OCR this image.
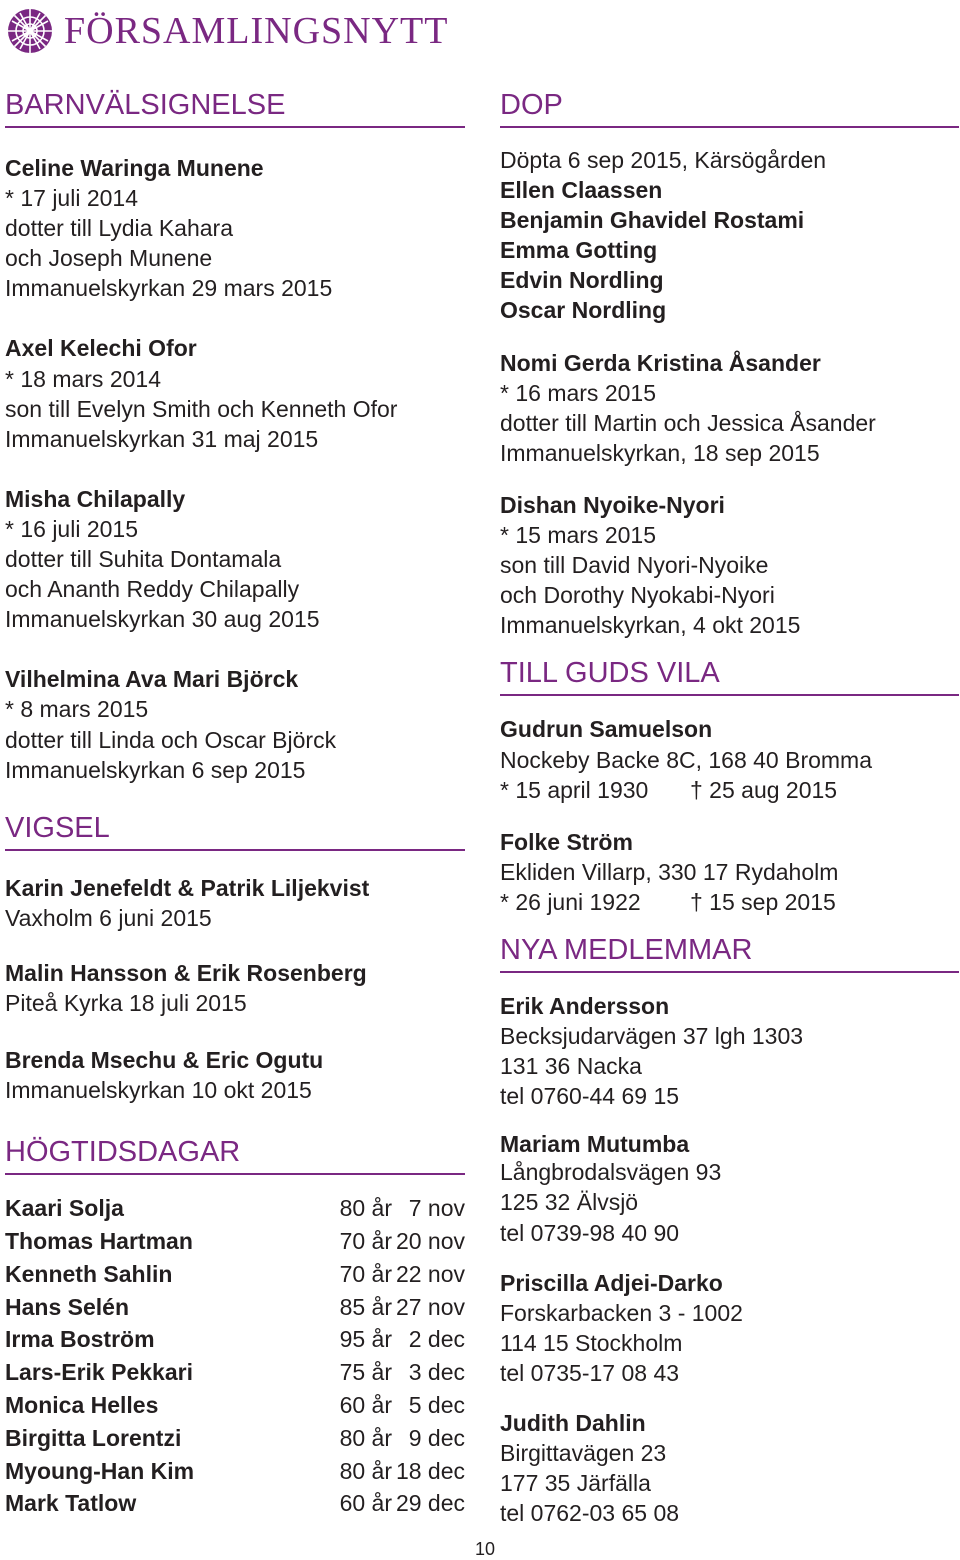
FÖRSAMLINGSNYTT
BARNVÄLSIGNELSE
Celine Waringa Munene
* 17 juli 2014
dotter till Lydia Kahara
och Joseph Munene
Immanuelskyrkan 29 mars 2015
Axel Kelechi Ofor
* 18 mars 2014
son till Evelyn Smith och Kenneth Ofor
Immanuelskyrkan 31 maj 2015
Misha Chilapally
* 16 juli 2015
dotter till Suhita Dontamala
och Ananth Reddy Chilapally
Immanuelskyrkan 30 aug 2015
Vilhelmina Ava Mari Björck
* 8 mars 2015
dotter till Linda och Oscar Björck
Immanuelskyrkan 6 sep 2015
VIGSEL
Karin Jenefeldt & Patrik Liljekvist
Vaxholm 6 juni 2015
Malin Hansson & Erik Rosenberg
Piteå Kyrka 18 juli 2015
Brenda Msechu & Eric Ogutu
Immanuelskyrkan 10 okt 2015
HÖGTIDSDAGAR
Kaari Solja	80 år 7 nov
Thomas Hartman	70 år 20 nov
Kenneth Sahlin	70 år 22 nov
Hans Selén	85 år 27 nov
Irma Boström	95 år 2 dec
Lars-Erik Pekkari	75 år 3 dec
Monica Helles	60 år 5 dec
Birgitta Lorentzi	80 år 9 dec
Myoung-Han Kim	80 år 18 dec
Mark Tatlow	60 år 29 dec
DOP
Döpta 6 sep 2015, Kärsögården
Ellen Claassen
Benjamin Ghavidel Rostami
Emma Gotting
Edvin Nordling
Oscar Nordling
Nomi Gerda Kristina Åsander
* 16 mars 2015
dotter till Martin och Jessica Åsander
Immanuelskyrkan, 18 sep 2015
Dishan Nyoike-Nyori
* 15 mars 2015
son till David Nyori-Nyoike
och Dorothy Nyokabi-Nyori
Immanuelskyrkan, 4 okt 2015
TILL GUDS VILA
Gudrun Samuelson
Nockeby Backe 8C, 168 40 Bromma
* 15 april 1930	† 25 aug 2015
Folke Ström
Ekliden Villarp, 330 17 Rydaholm
* 26 juni 1922	† 15 sep 2015
NYA MEDLEMMAR
Erik Andersson
Becksjudarvägen 37 lgh 1303
131 36 Nacka
tel 0760-44 69 15
Mariam Mutumba
Långbrodalsvägen 93
125 32 Älvsjö
tel 0739-98 40 90
Priscilla Adjei-Darko
Forskarbacken 3 - 1002
114 15 Stockholm
tel 0735-17 08 43
Judith Dahlin
Birgittavägen 23
177 35 Järfälla
tel 0762-03 65 08
10
